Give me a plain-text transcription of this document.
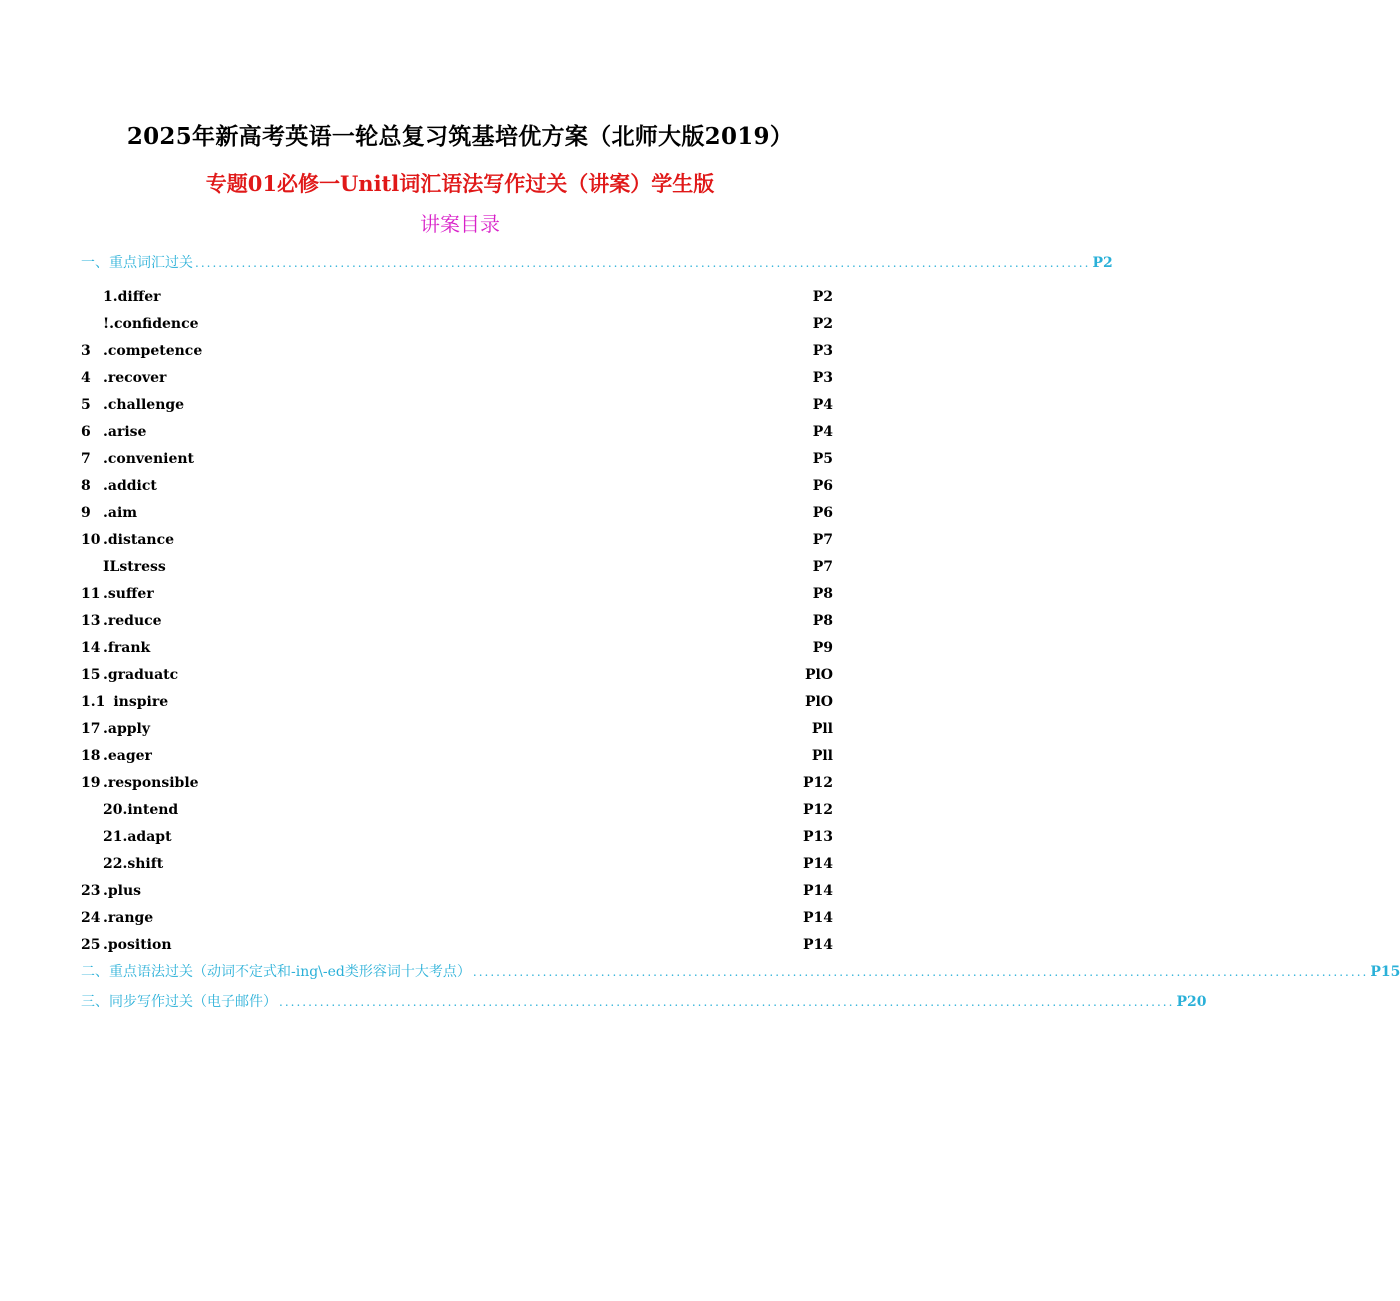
2025年新高考英语一轮总复习筑基培优方案（北师大版2019）
专题01必修一Unitl词汇语法写作过关（讲案）学生版
讲案目录
一、重点词汇过关 .......................................................................................................................................................... P2
1.differ	P2
!.confidence	P2
3 .competence	P3
4 .recover	P3
5 .challenge	P4
6 .arise	P4
7 .convenient	P5
8 .addict	P6
9 .aim	P6
10 .distance	P7
ILstress	P7
11 .suffer	P8
13 .reduce	P8
14 .frank	P9
15 .graduatc	PlO
1.1 inspire	PlO
17 .apply	Pll
18 .eager	Pll
19 .responsible	P12
20.intend	P12
21.adapt	P13
22.shift	P14
23 .plus	P14
24 .range	P14
25 .position	P14
二、重点语法过关（动词不定式和-ing\-ed类形容词十大考点） .......................................................................................................................................................... P15
三、同步写作过关（电子邮件） .......................................................................................................................................................... P20
